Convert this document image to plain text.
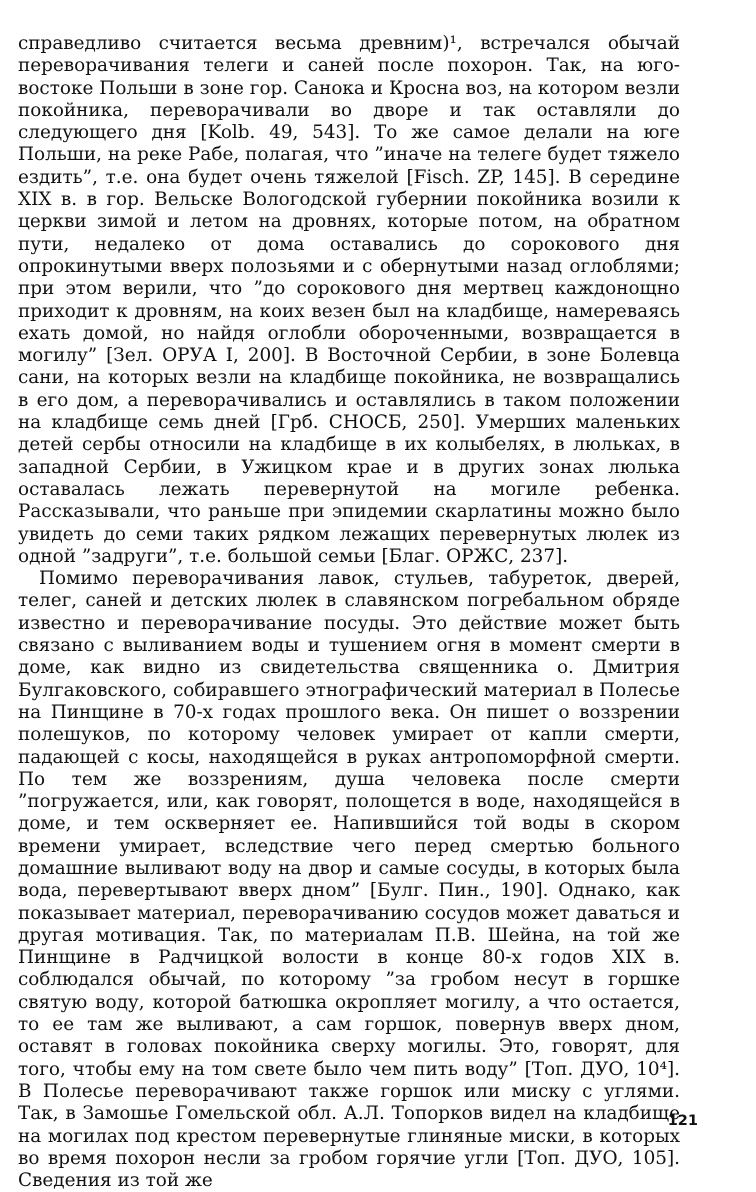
справедливо считается весьма древним)¹, встречался обычай переворачивания телеги и саней после похорон. Так, на юго-востоке Польши в зоне гор. Санока и Кросна воз, на котором везли покойника, переворачивали во дворе и так оставляли до следующего дня [Kolb. 49, 543]. То же самое делали на юге Польши, на реке Рабе, полагая, что ”иначе на телеге будет тяжело ездить”, т.е. она будет очень тяжелой [Fisch. ZP, 145]. В середине XIX в. в гор. Вельске Вологодской губернии покойника возили к церкви зимой и летом на дровнях, которые потом, на обратном пути, недалеко от дома оставались до сорокового дня опрокинутыми вверх полозьями и с обернутыми назад оглоблями; при этом верили, что ”до сорокового дня мертвец каждонощно приходит к дровням, на коих везен был на кладбище, намереваясь ехать домой, но найдя оглобли обороченными, возвращается в могилу” [Зел. ОРУА I, 200]. В Восточной Сербии, в зоне Болевца сани, на которых везли на кладбище покойника, не возвращались в его дом, а переворачивались и оставлялись в таком положении на кладбище семь дней [Грб. СНОСБ, 250]. Умерших маленьких детей сербы относили на кладбище в их колыбелях, в люльках, в западной Сербии, в Ужицком крае и в других зонах люлька оставалась лежать перевернутой на могиле ребенка. Рассказывали, что раньше при эпидемии скарлатины можно было увидеть до семи таких рядком лежащих перевернутых люлек из одной ”задруги”, т.е. большой семьи [Благ. ОРЖС, 237].

Помимо переворачивания лавок, стульев, табуреток, дверей, телег, саней и детских люлек в славянском погребальном обряде известно и переворачивание посуды. Это действие может быть связано с выливанием воды и тушением огня в момент смерти в доме, как видно из свидетельства священника о. Дмитрия Булгаковского, собиравшего этнографический материал в Полесье на Пинщине в 70-х годах прошлого века. Он пишет о воззрении полешуков, по которому человек умирает от капли смерти, падающей с косы, находящейся в руках антропоморфной смерти. По тем же воззрениям, душа человека после смерти ”погружается, или, как говорят, полощется в воде, находящейся в доме, и тем оскверняет ее. Напившийся той воды в скором времени умирает, вследствие чего перед смертью больного домашние выливают воду на двор и самые сосуды, в которых была вода, перевертывают вверх дном” [Булг. Пин., 190]. Однако, как показывает материал, переворачиванию сосудов может даваться и другая мотивация. Так, по материалам П.В. Шейна, на той же Пинщине в Радчицкой волости в конце 80-х годов XIX в. соблюдался обычай, по которому ”за гробом несут в горшке святую воду, которой батюшка окропляет могилу, а что остается, то ее там же выливают, а сам горшок, повернув вверх дном, оставят в головах покойника сверху могилы. Это, говорят, для того, чтобы ему на том свете было чем пить воду” [Топ. ДУО, 10⁴]. В Полесье переворачивают также горшок или миску с углями. Так, в Замошье Гомельской обл. А.Л. Топорков видел на кладбище на могилах под крестом перевернутые глиняные миски, в которых во время похорон несли за гробом горячие угли [Топ. ДУО, 105]. Сведения из той же

121
